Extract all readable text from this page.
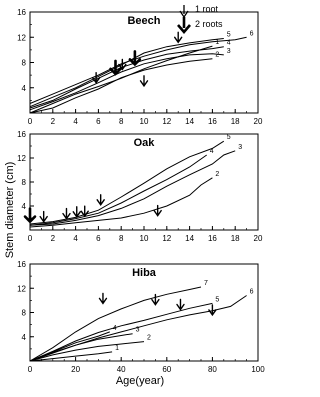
Stem diameter (cm)
Age(year)
1 root
2 roots
0 2 4 6 8 10 12 14 16 18 20
4
8
12
16
Beech
1
2
3
4
5	6
0 2 4 6 8 10 12 14 16 18 20
4
8
12
16
Oak
2
3
4
5
0	20	40	60	80	100
4
8
12
16
Hiba
1
2
3
4
5
6
7
